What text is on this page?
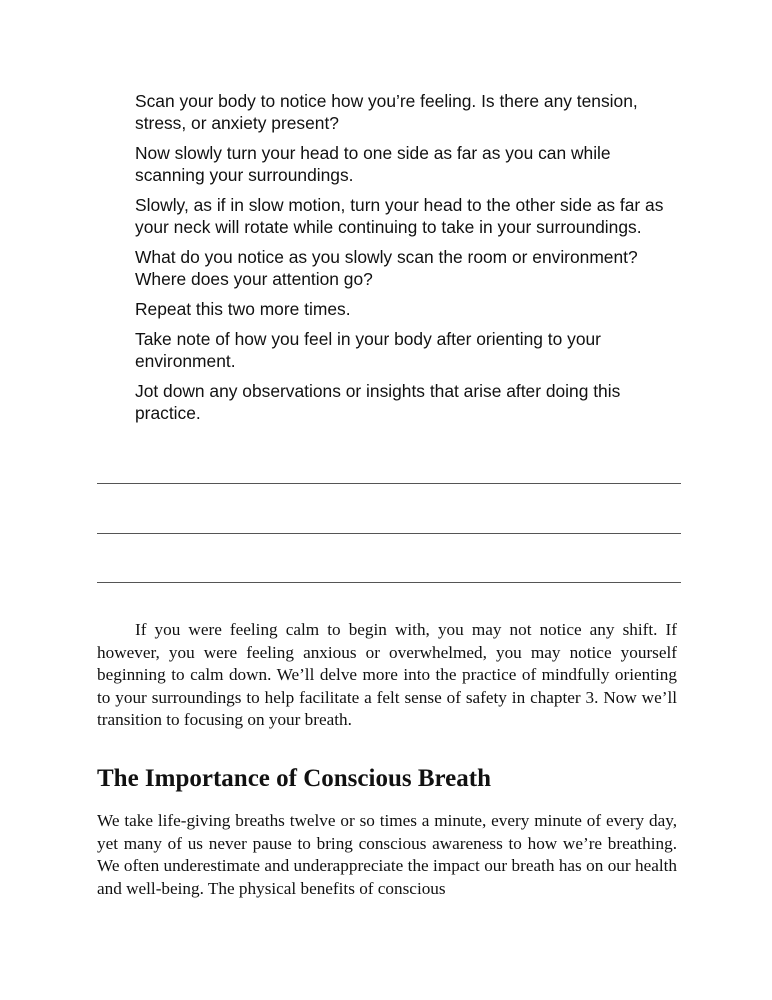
Scan your body to notice how you’re feeling. Is there any tension, stress, or anxiety present?

Now slowly turn your head to one side as far as you can while scanning your surroundings.

Slowly, as if in slow motion, turn your head to the other side as far as your neck will rotate while continuing to take in your surroundings.

What do you notice as you slowly scan the room or environment? Where does your attention go?

Repeat this two more times.

Take note of how you feel in your body after orienting to your environment.

Jot down any observations or insights that arise after doing this practice.

If you were feeling calm to begin with, you may not notice any shift. If however, you were feeling anxious or overwhelmed, you may notice yourself beginning to calm down. We’ll delve more into the practice of mindfully orienting to your surroundings to help facilitate a felt sense of safety in chapter 3. Now we’ll transition to focusing on your breath.

The Importance of Conscious Breath

We take life-giving breaths twelve or so times a minute, every minute of every day, yet many of us never pause to bring conscious awareness to how we’re breathing. We often underestimate and underappreciate the impact our breath has on our health and well-being. The physical benefits of conscious
